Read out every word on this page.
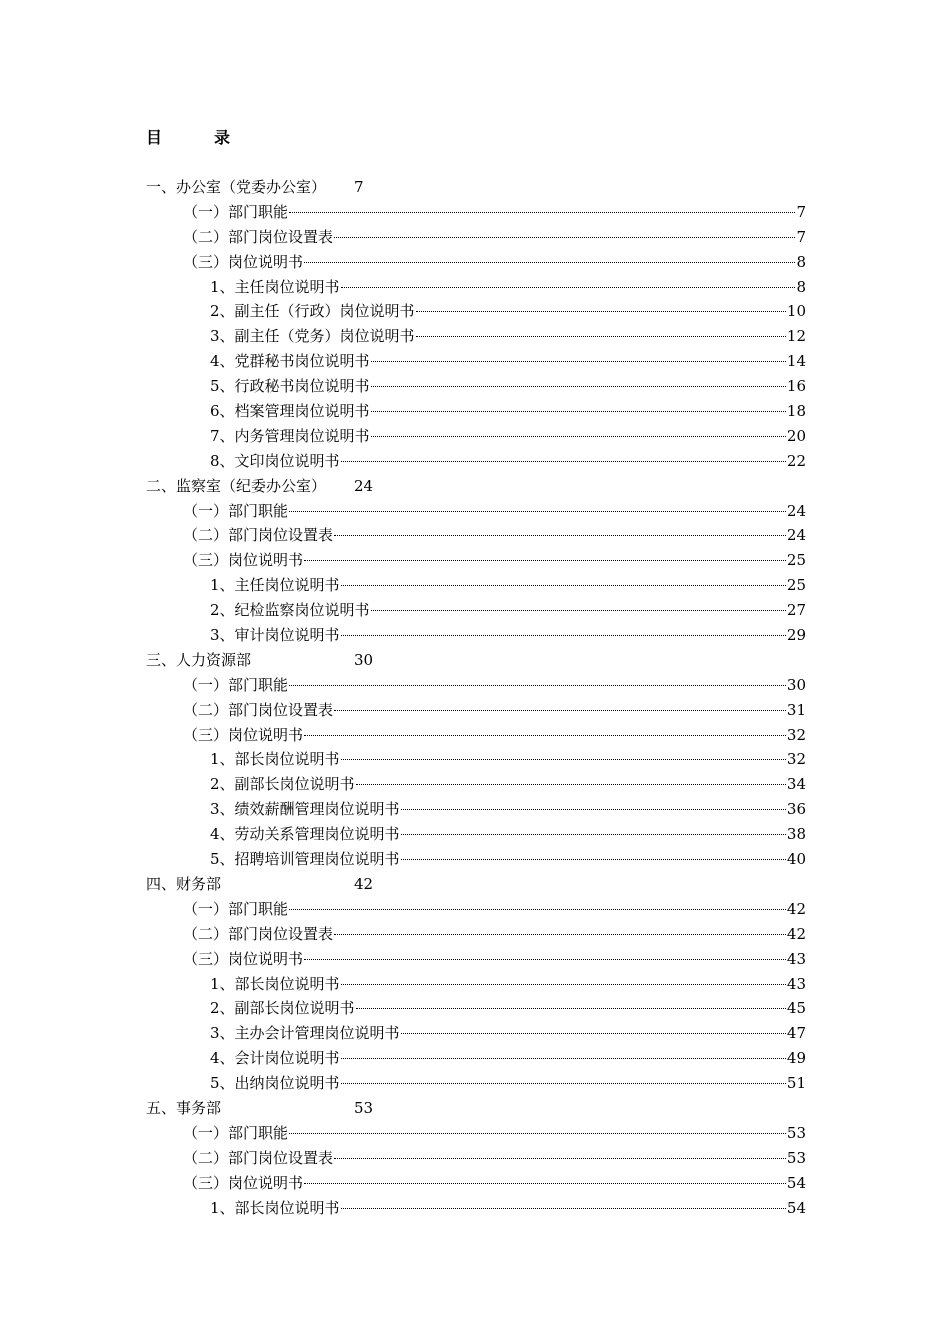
目　录
一、办公室（党委办公室） 7
（一）部门职能	7
（二）部门岗位设置表	7
（三）岗位说明书	8
1、主任岗位说明书	8
2、副主任（行政）岗位说明书	10
3、副主任（党务）岗位说明书	12
4、党群秘书岗位说明书	14
5、行政秘书岗位说明书	16
6、档案管理岗位说明书	18
7、内务管理岗位说明书	20
8、文印岗位说明书	22
二、监察室（纪委办公室） 24
（一）部门职能	24
（二）部门岗位设置表	24
（三）岗位说明书	25
1、主任岗位说明书	25
2、纪检监察岗位说明书	27
3、审计岗位说明书	29
三、人力资源部	30
（一）部门职能	30
（二）部门岗位设置表	31
（三）岗位说明书	32
1、部长岗位说明书	32
2、副部长岗位说明书	34
3、绩效薪酬管理岗位说明书	36
4、劳动关系管理岗位说明书	38
5、招聘培训管理岗位说明书	40
四、财务部	42
（一）部门职能	42
（二）部门岗位设置表	42
（三）岗位说明书	43
1、部长岗位说明书	43
2、副部长岗位说明书	45
3、主办会计管理岗位说明书	47
4、会计岗位说明书	49
5、出纳岗位说明书	51
五、事务部	53
（一）部门职能	53
（二）部门岗位设置表	53
（三）岗位说明书	54
1、部长岗位说明书	54
